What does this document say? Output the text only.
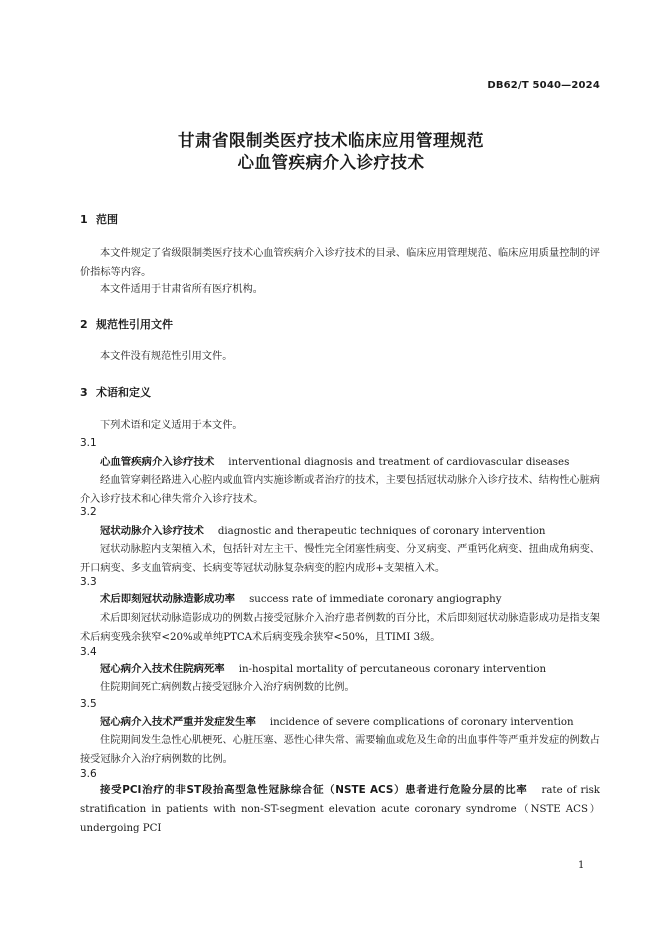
DB62/T 5040—2024
甘肃省限制类医疗技术临床应用管理规范
心血管疾病介入诊疗技术
1 范围

本文件规定了省级限制类医疗技术心血管疾病介入诊疗技术的目录、临床应用管理规范、临床应用质量控制的评价指标等内容。

本文件适用于甘肃省所有医疗机构。

2 规范性引用文件

本文件没有规范性引用文件。

3 术语和定义

下列术语和定义适用于本文件。

3.1
心血管疾病介入诊疗技术 interventional diagnosis and treatment of cardiovascular diseases

经血管穿刺径路进入心腔内或血管内实施诊断或者治疗的技术，主要包括冠状动脉介入诊疗技术、结构性心脏病介入诊疗技术和心律失常介入诊疗技术。

3.2
冠状动脉介入诊疗技术 diagnostic and therapeutic techniques of coronary intervention

冠状动脉腔内支架植入术，包括针对左主干、慢性完全闭塞性病变、分叉病变、严重钙化病变、扭曲成角病变、开口病变、多支血管病变、长病变等冠状动脉复杂病变的腔内成形+支架植入术。

3.3
术后即刻冠状动脉造影成功率 success rate of immediate coronary angiography

术后即刻冠状动脉造影成功的例数占接受冠脉介入治疗患者例数的百分比，术后即刻冠状动脉造影成功是指支架术后病变残余狭窄<20%或单纯PTCA术后病变残余狭窄<50%，且TIMI 3级。

3.4
冠心病介入技术住院病死率 in-hospital mortality of percutaneous coronary intervention

住院期间死亡病例数占接受冠脉介入治疗病例数的比例。

3.5
冠心病介入技术严重并发症发生率 incidence of severe complications of coronary intervention

住院期间发生急性心肌梗死、心脏压塞、恶性心律失常、需要输血或危及生命的出血事件等严重并发症的例数占接受冠脉介入治疗病例数的比例。

3.6
接受PCI治疗的非ST段抬高型急性冠脉综合征（NSTE ACS）患者进行危险分层的比率 rate of risk stratification in patients with non-ST-segment elevation acute coronary syndrome（NSTE ACS）undergoing PCI
1
